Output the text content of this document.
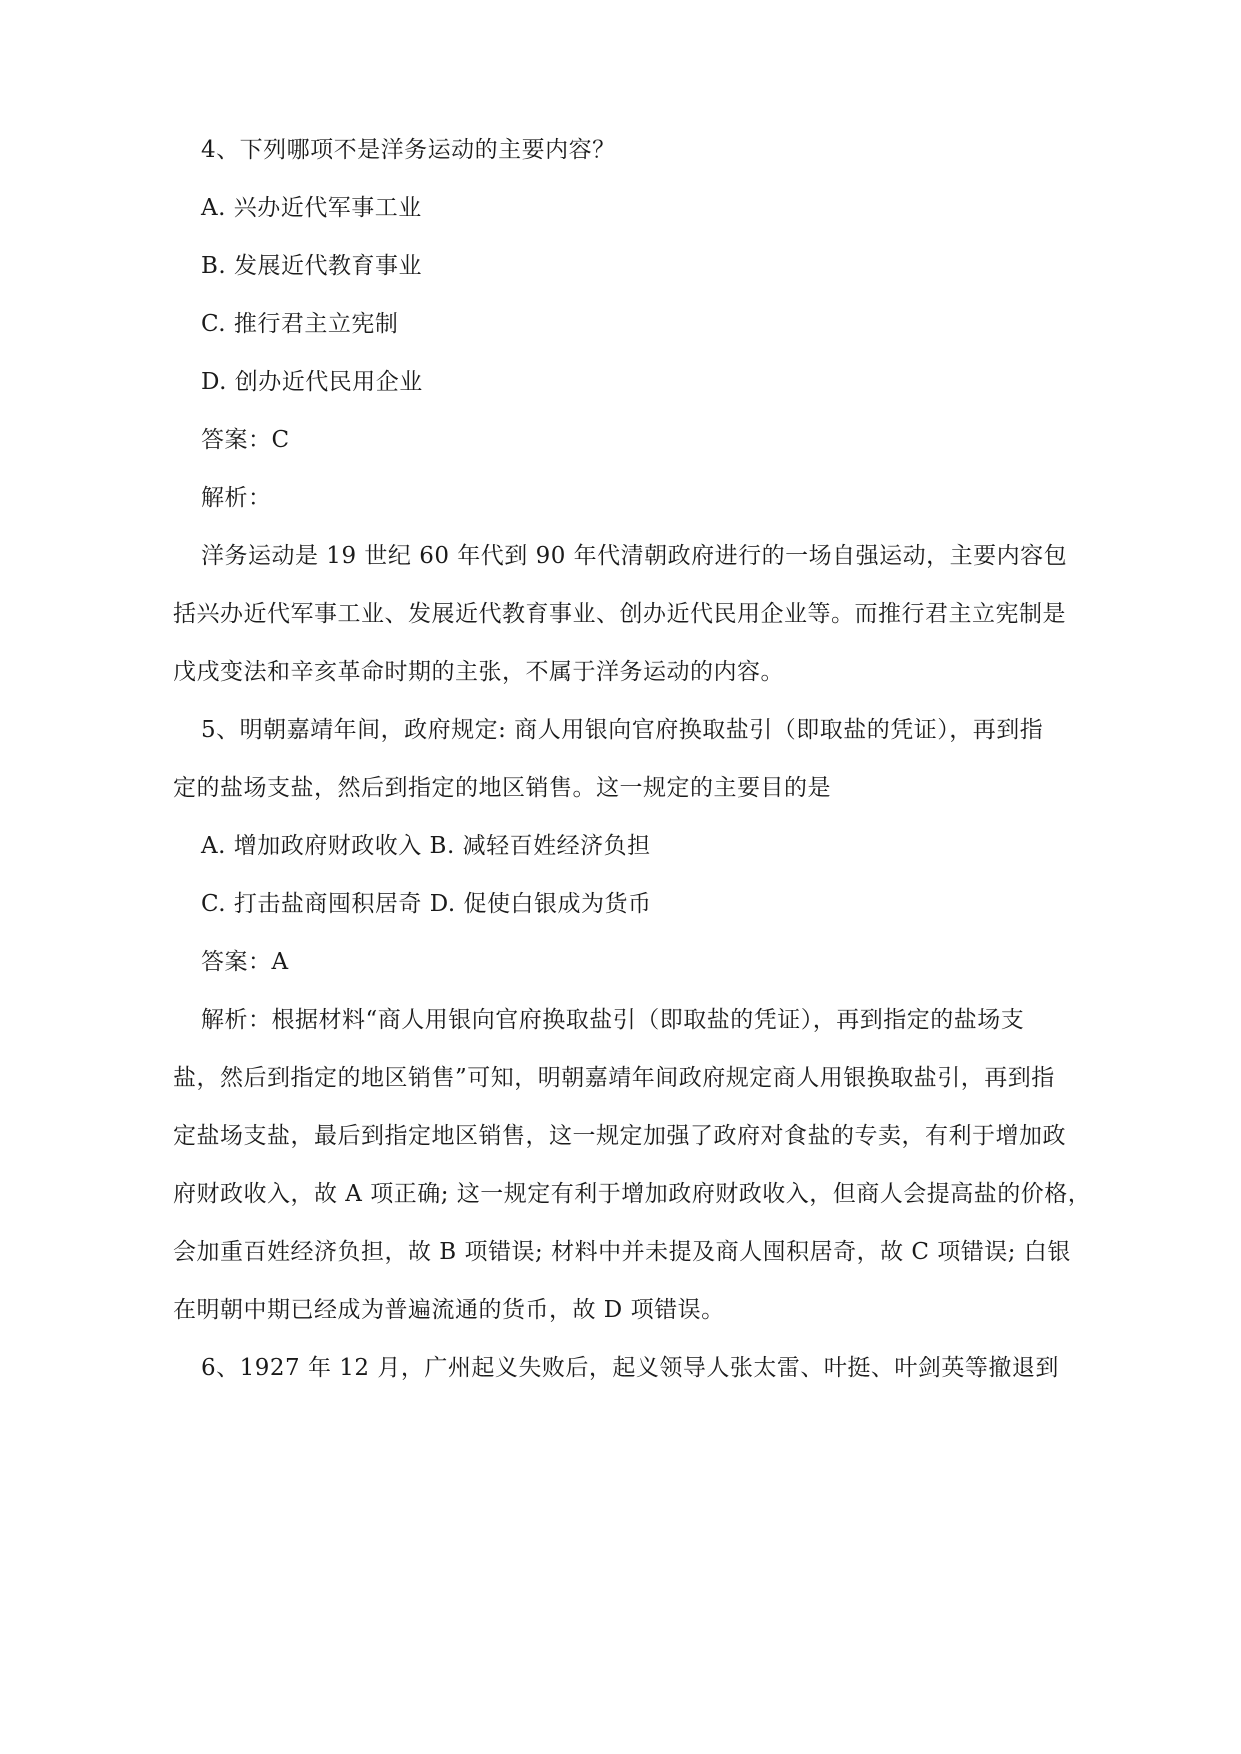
4、下列哪项不是洋务运动的主要内容？
A. 兴办近代军事工业
B. 发展近代教育事业
C. 推行君主立宪制
D. 创办近代民用企业
答案：C
解析：
洋务运动是 19 世纪 60 年代到 90 年代清朝政府进行的一场自强运动，主要内容包
括兴办近代军事工业、发展近代教育事业、创办近代民用企业等。而推行君主立宪制是
戊戌变法和辛亥革命时期的主张，不属于洋务运动的内容。
5、明朝嘉靖年间，政府规定: 商人用银向官府换取盐引（即取盐的凭证），再到指
定的盐场支盐，然后到指定的地区销售。这一规定的主要目的是
A. 增加政府财政收入 B. 减轻百姓经济负担
C. 打击盐商囤积居奇 D. 促使白银成为货币
答案：A
解析：根据材料“商人用银向官府换取盐引（即取盐的凭证），再到指定的盐场支
盐，然后到指定的地区销售”可知，明朝嘉靖年间政府规定商人用银换取盐引，再到指
定盐场支盐，最后到指定地区销售，这一规定加强了政府对食盐的专卖，有利于增加政
府财政收入，故 A 项正确; 这一规定有利于增加政府财政收入，但商人会提高盐的价格，
会加重百姓经济负担，故 B 项错误; 材料中并未提及商人囤积居奇，故 C 项错误; 白银
在明朝中期已经成为普遍流通的货币，故 D 项错误。
6、1927 年 12 月，广州起义失败后，起义领导人张太雷、叶挺、叶剑英等撤退到
